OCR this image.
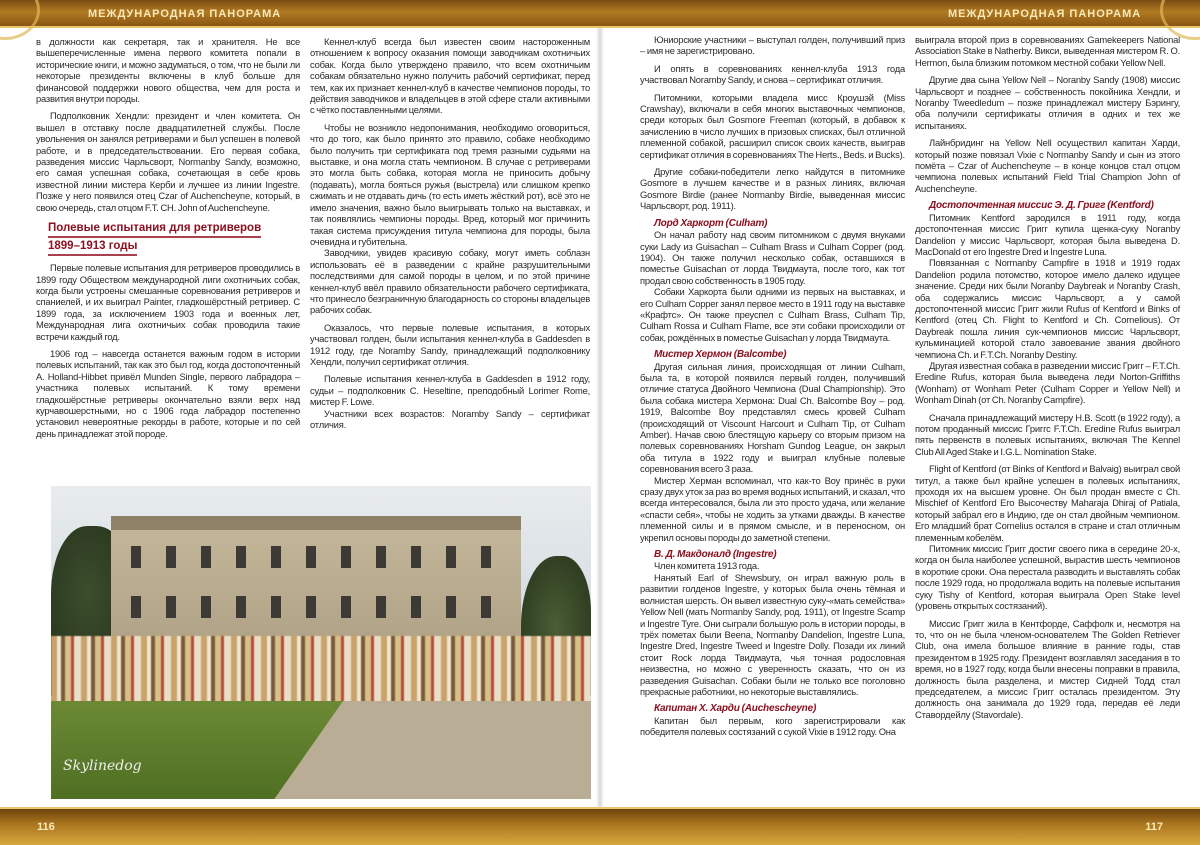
МЕЖДУНАРОДНАЯ ПАНОРАМА	МЕЖДУНАРОДНАЯ ПАНОРАМА

в должности как секретаря, так и хранителя. Не все вышеперечисленные имена первого комитета попали в исторические книги, и можно задуматься, о том, что не были ли некоторые президенты включены в клуб больше для финансовой поддержки нового общества, чем для роста и развития внутри породы.

Подполковник Хендли: президент и член комитета. Он вышел в отставку после двадцатилетней службы. После увольнения он занялся ретриверами и был успешен в полевой работе, и в председательствовании. Его первая собака, разведения миссис Чарльсворт, Normanby Sandy, возможно, его самая успешная собака, сочетающая в себе кровь известной линии мистера Керби и лучшее из линии Ingestre. Позже у него появился отец Czar of Auchencheyne, который, в свою очередь, стал отцом F.T. CH. John of Auchencheyne.

Полевые испытания для ретриверов
1899–1913 годы

Первые полевые испытания для ретриверов проводились в 1899 году Обществом международной лиги охотничьих собак, когда были устроены смешанные соревнования ретриверов и спаниелей, и их выиграл Painter, гладкошёрстный ретривер. С 1899 года, за исключением 1903 года и военных лет, Международная лига охотничьих собак проводила такие встречи каждый год.

1906 год – навсегда останется важным годом в истории полевых испытаний, так как это был год, когда достопочтенный A. Holland-Hibbet привёл Munden Single, первого лабрадора – участника полевых испытаний. К тому времени гладкошёрстные ретриверы окончательно взяли верх над курчавошерстными, но с 1906 года лабрадор постепенно установил невероятные рекорды в работе, которые и по сей день принадлежат этой породе.

Кеннел-клуб всегда был известен своим настороженным отношением к вопросу оказания помощи заводчикам охотничьих собак. Когда было утверждено правило, что всем охотничьим собакам обязательно нужно получить рабочий сертификат, перед тем, как их признает кеннел-клуб в качестве чемпионов породы, то действия заводчиков и владельцев в этой сфере стали активными с чётко поставленными целями.

Чтобы не возникло недопонимания, необходимо оговориться, что до того, как было принято это правило, собаке необходимо было получить три сертификата под тремя разными судьями на выставке, и она могла стать чемпионом. В случае с ретриверами это могла быть собака, которая могла не приносить добычу (подавать), могла бояться ружья (выстрела) или слишком крепко сжимать и не отдавать дичь (то есть иметь жёсткий рот), всё это не имело значения, важно было выигрывать только на выставках, и так появлялись чемпионы породы. Вред, который мог причинить такая система присуждения титула чемпиона для породы, была очевидна и губительна.

Заводчики, увидев красивую собаку, могут иметь соблазн использовать её в разведении с крайне разрушительными последствиями для самой породы в целом, и по этой причине кеннел-клуб ввёл правило обязательности рабочего сертификата, что принесло безграничную благодарность со стороны владельцев рабочих собак.

Оказалось, что первые полевые испытания, в которых участвовал голден, были испытания кеннел-клуба в Gaddesden в 1912 году, где Noramby Sandy, принадлежащий подполковнику Хендли, получил сертификат отличия.

Полевые испытания кеннел-клуба в Gaddesden в 1912 году, судьи – подполковник C. Heseltine, преподобный Lorimer Rome, мистер F. Lowe.

Участники всех возрастов: Noramby Sandy – сертификат отличия.

Skylinedog

Юниорские участники – выступал голден, получивший приз – имя не зарегистрировано.

И опять в соревнованиях кеннел-клуба 1913 года участвовал Noramby Sandy, и снова – сертификат отличия.

Питомники, которыми владела мисс Кроушэй (Miss Crawshay), включали в себя многих выставочных чемпионов, среди которых был Gosmore Freeman (который, в добавок к зачислению в число лучших в призовых списках, был отличной племенной собакой, расширил список своих качеств, выиграв сертификат отличия в соревнованиях The Herts., Beds. и Bucks).

Другие собаки-победители легко найдутся в питомнике Gosmore в лучшем качестве и в разных линиях, включая Gosmore Birdie (ранее Normanby Birdie, выведенная миссис Чарльсворт, род. 1911).

Лорд Харкорт (Culham)

Он начал работу над своим питомником с двумя внуками суки Lady из Guisachan – Culham Brass и Culham Copper (род. 1904). Он также получил несколько собак, оставшихся в поместье Guisachan от лорда Твидмаута, после того, как тот продал свою собственность в 1905 году.

Собаки Харкорта были одними из первых на выставках, и его Culham Copper занял первое место в 1911 году на выставке «Крафтс». Он также преуспел с Culham Brass, Culham Tip, Culham Rossa и Culham Flame, все эти собаки происходили от собак, рождённых в поместье Guisachan у лорда Твидмаута.

Мистер Хермон (Balcombe)

Другая сильная линия, происходящая от линии Culham, была та, в которой появился первый голден, получивший отличие статуса Двойного Чемпиона (Dual Championship). Это была собака мистера Хермона: Dual Ch. Balcombe Boy – род. 1919, Balcombe Boy представлял смесь кровей Culham (происходящий от Viscount Harcourt и Culham Tip, от Culham Amber). Начав свою блестящую карьеру со вторым призом на полевых соревнованиях Horsham Gundog League, он закрыл оба титула в 1922 году и выиграл клубные полевые соревнования всего 3 раза.

Мистер Херман вспоминал, что как-то Boy принёс в руки сразу двух уток за раз во время водных испытаний, и сказал, что всегда интересовался, была ли это просто удача, или желание «спасти себя», чтобы не ходить за утками дважды. В качестве племенной силы и в прямом смысле, и в переносном, он укрепил основы породы до заметной степени.

В. Д. Макдоналд (Ingestre)

Член комитета 1913 года.

Нанятый Earl of Shewsbury, он играл важную роль в развитии голденов Ingestre, у которых была очень тёмная и волнистая шерсть. Он вывел известную суку-«мать семейства» Yellow Nell (мать Normanby Sandy, род. 1911), от Ingestre Scamp и Ingestre Tyre. Они сыграли большую роль в истории породы, в трёх пометах были Beena, Normanby Dandelion, Ingestre Luna, Ingestre Dred, Ingestre Tweed и Ingestre Dolly. Позади их линий стоит Rock лорда Твидмаута, чья точная родословная неизвестна, но можно с уверенность сказать, что он из разведения Guisachan. Собаки были не только все поголовно прекрасные работники, но некоторые выставлялись.

Капитан Х. Харди (Auchescheyne)

Капитан был первым, кого зарегистрировали как победителя полевых состязаний с сукой Vixie в 1912 году. Она

выиграла второй приз в соревнованиях Gamekeepers National Association Stake в Natherby. Викси, выведенная мистером R. O. Hermon, была близким потомком местной собаки Yellow Nell.

Другие два сына Yellow Nell – Noranby Sandy (1908) миссис Чарльсворт и позднее – собственность покойника Хендли, и Noranby Tweedledum – позже принадлежал мистеру Бэрингу, оба получили сертификаты отличия в одних и тех же испытаниях.

Лайнбридинг на Yellow Nell осуществил капитан Харди, который позже повязал Vixie с Normanby Sandy и сын из этого помёта – Czar of Auchencheyne – в конце концов стал отцом чемпиона полевых испытаний Field Trial Champion John of Auchencheyne.

Достопочтенная миссис Э. Д. Григг (Kentford)

Питомник Kentford зародился в 1911 году, когда достопочтенная миссис Григг купила щенка-суку Noranby Dandelion у миссис Чарльсворт, которая была выведена D. MacDonald от его Ingestre Dred и Ingestre Luna.

Повязанная с Normanby Campfire в 1918 и 1919 годах Dandelion родила потомство, которое имело далеко идущее значение. Среди них были Noranby Daybreak и Noranby Crash, оба содержались миссис Чарльсворт, а у самой достопочтенной миссис Григг жили Rufus of Kentford и Binks of Kentford (отец Ch. Flight to Kentford и Ch. Cornelious). От Daybreak пошла линия сук-чемпионов миссис Чарльсворт, кульминацией которой стало завоевание звания двойного чемпиона Ch. и F.T.Ch. Noranby Destiny.

Другая известная собака в разведении миссис Григг – F.T.Ch. Eredine Rufus, которая была выведена леди Norton-Griffiths (Wonham) от Wonham Peter (Culham Copper и Yellow Nell) и Wonham Dinah (от Ch. Noranby Campfire).

Сначала принадлежащий мистеру H.B. Scott (в 1922 году), а потом проданный миссис Григгс F.T.Ch. Eredine Rufus выиграл пять первенств в полевых испытаниях, включая The Kennel Club All Aged Stake и I.G.L. Nomination Stake.

Flight of Kentford (от Binks of Kentford и Balvaig) выиграл свой титул, а также был крайне успешен в полевых испытаниях, проходя их на высшем уровне. Он был продан вместе с Ch. Mischief of Kentford Его Высочеству Maharaja Dhiraj of Patiala, который забрал его в Индию, где он стал двойным чемпионом. Его младший брат Cornelius остался в стране и стал отличным племенным кобелём.

Питомник миссис Григг достиг своего пика в середине 20-х, когда он была наиболее успешной, вырастив шесть чемпионов в короткие сроки. Она перестала разводить и выставлять собак после 1929 года, но продолжала водить на полевые испытания суку Tishy of Kentford, которая выиграла Open Stake level (уровень открытых состязаний).

Миссис Григг жила в Кентфорде, Саффолк и, несмотря на то, что он не была членом-основателем The Golden Retriever Club, она имела большое влияние в ранние годы, став президентом в 1925 году. Президент возглавлял заседания в то время, но в 1927 году, когда были внесены поправки в правила, должность была разделена, и мистер Сидней Тодд стал председателем, а миссис Григг осталась президентом. Эту должность она занимала до 1929 года, передав её леди Ставордейлу (Stavordale).

116	117
